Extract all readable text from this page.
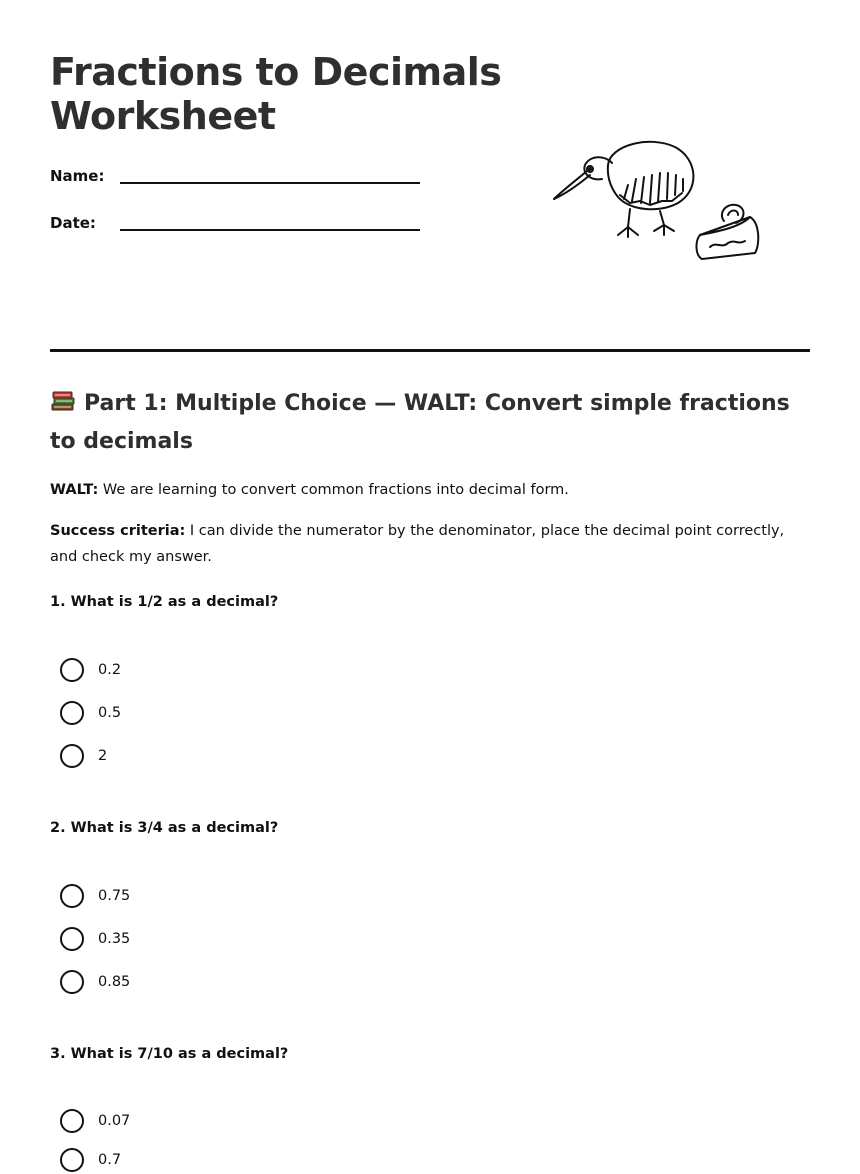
Fractions to Decimals Worksheet
Name:
Date:
Part 1: Multiple Choice — WALT: Convert simple fractions to decimals

WALT: We are learning to convert common fractions into decimal form.

Success criteria: I can divide the numerator by the denominator, place the decimal point correctly, and check my answer.

1. What is 1/2 as a decimal?
0.2
0.5
2
2. What is 3/4 as a decimal?
0.75
0.35
0.85
3. What is 7/10 as a decimal?
0.07
0.7
